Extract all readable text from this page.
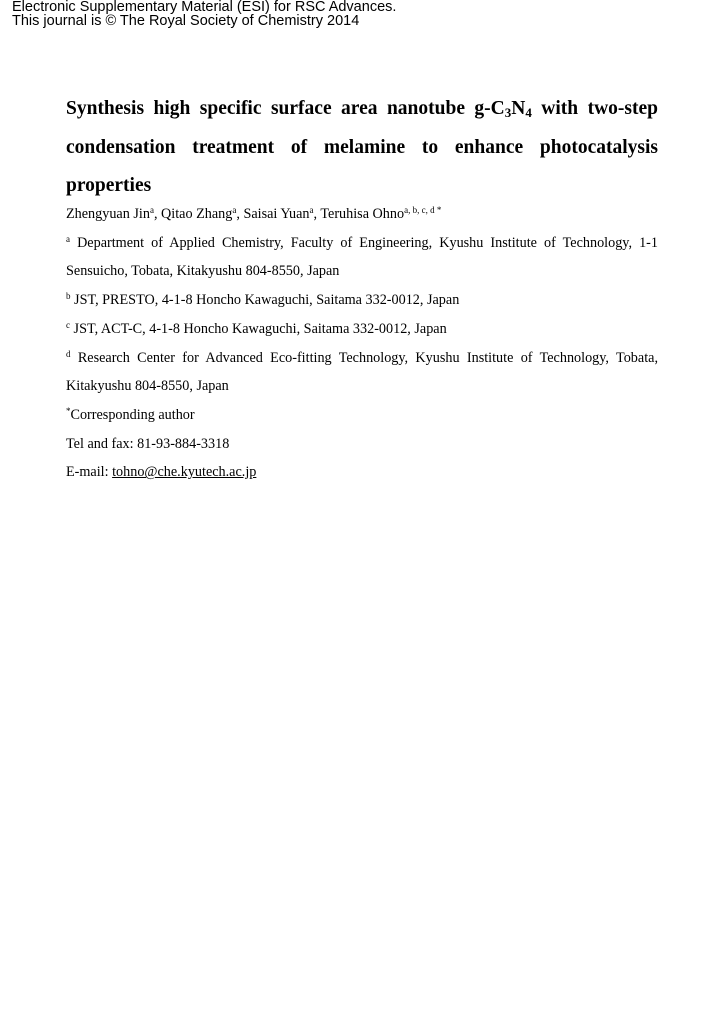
Electronic Supplementary Material (ESI) for RSC Advances.
This journal is © The Royal Society of Chemistry 2014
Synthesis high specific surface area nanotube $g-C_3N_4$ with two-step
condensation treatment of melamine to enhance photocatalysis
properties

Zhengyuan Jin$^a$, Qitao Zhang$^a$, Saisai Yuan$^a$, Teruhisa Ohno$^{a, b, c, d *}$

$^a$ Department of Applied Chemistry, Faculty of Engineering, Kyushu Institute of Technology, 1-1
Sensuicho, Tobata, Kitakyushu 804-8550, Japan

$^b$ JST, PRESTO, 4-1-8 Honcho Kawaguchi, Saitama 332-0012, Japan

$^c$ JST, ACT-C, 4-1-8 Honcho Kawaguchi, Saitama 332-0012, Japan

$^d$ Research Center for Advanced Eco-fitting Technology, Kyushu Institute of Technology, Tobata,
Kitakyushu 804-8550, Japan

*Corresponding author

Tel and fax: 81-93-884-3318

E-mail: tohno@che.kyutech.ac.jp
